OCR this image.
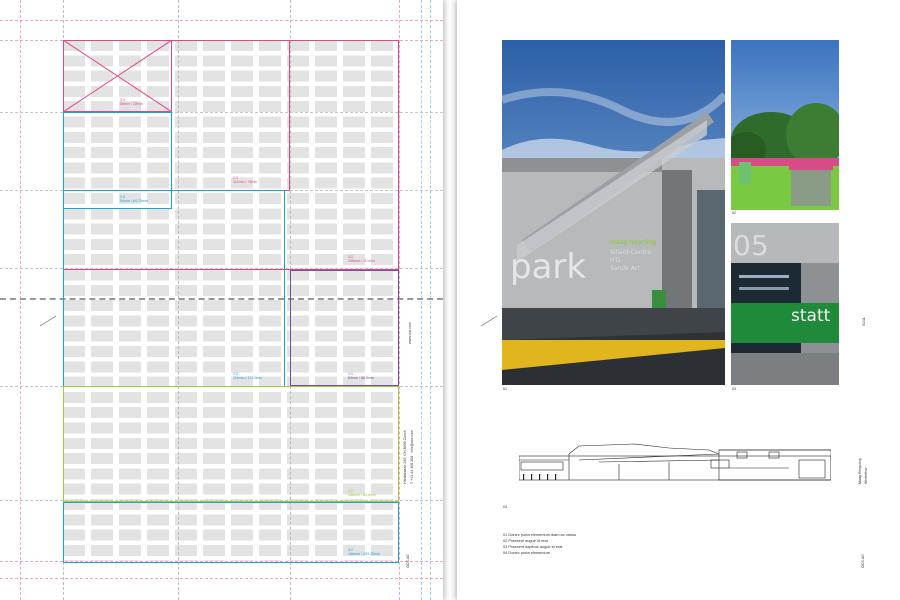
2:3
56mm / 28mm
2:3
111mm / 75mm
2:3
56mm / 84.75mm
3:2
166mm / 114mm
2:3
111mm / 172.5mm
1:1
84mm / 88.5mm
3:2
166mm / 84.8mm
3:2
166mm / 253.25mm
www.ocs.com
Hardstrasse 245, CH-8005 Zürich T +41 43 305 306 · info@ocs.com
OCS AG
park
maag recycling
Sillard-Centre
HTL
Sande Art
05
statt
01
02
03
04
01 Donec porta elementum diam ac varius
02 Praesent augue id erat
03 Praesent dapibus augue id erat
04 Donec porta elementum
01/11
Maag Recycling Winterthur
OCS AG
